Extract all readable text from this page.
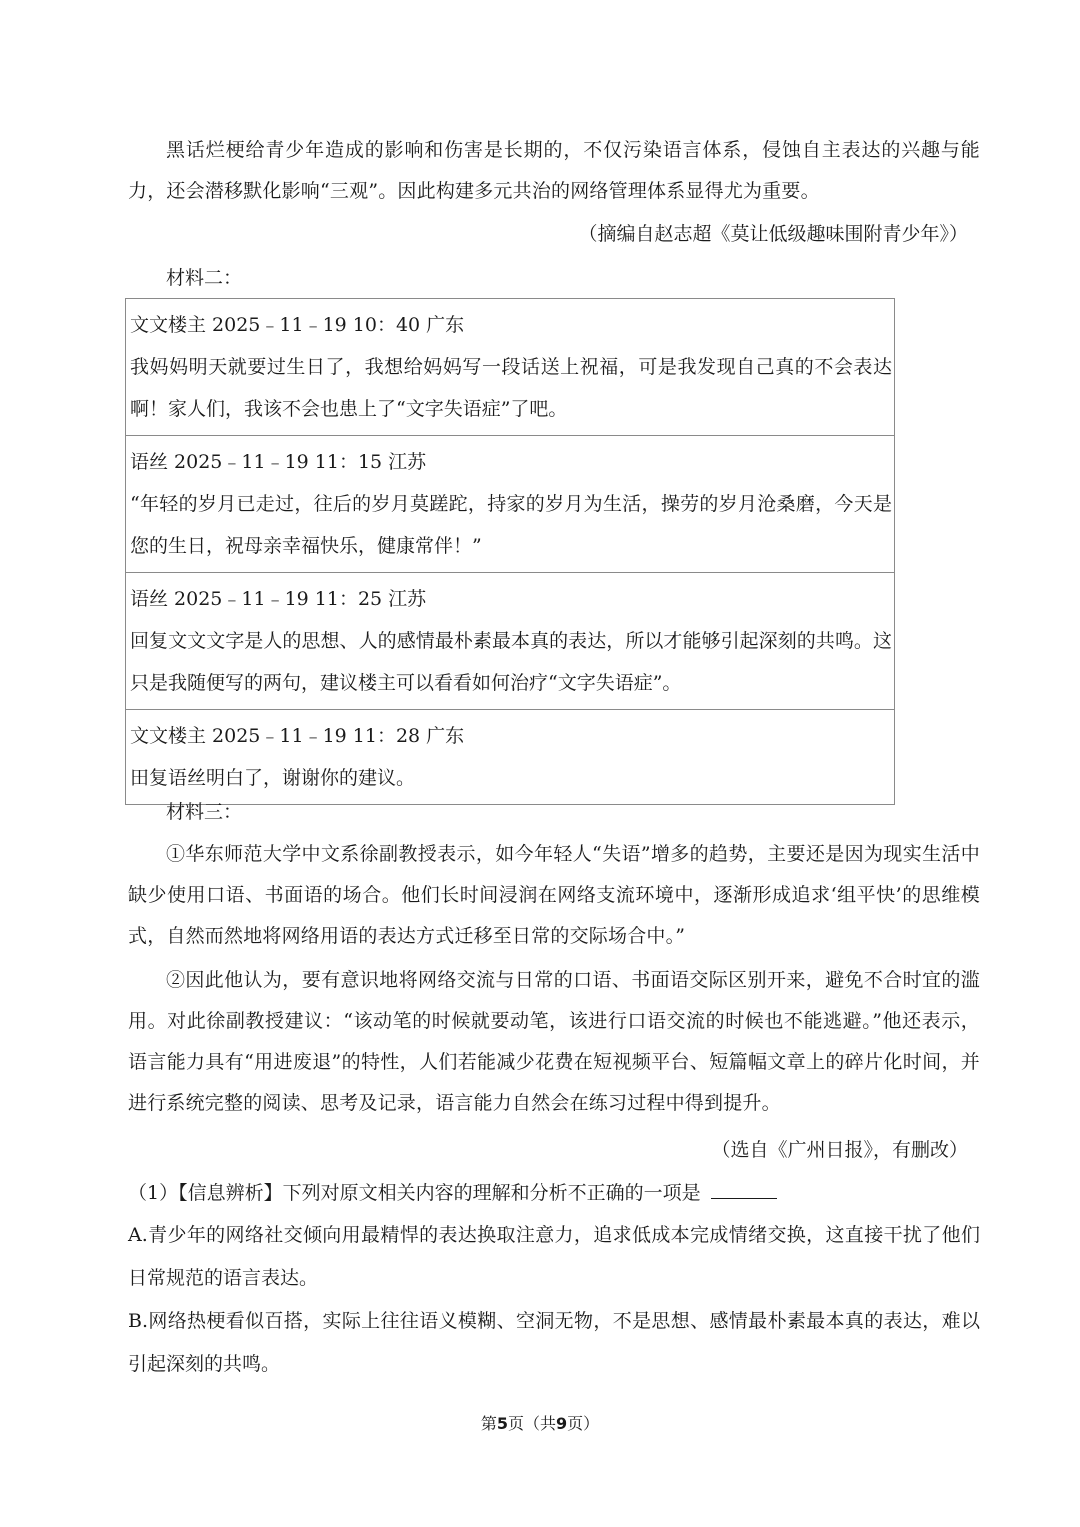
黑话烂梗给青少年造成的影响和伤害是长期的，不仅污染语言体系，侵蚀自主表达的兴趣与能力，还会潜移默化影响“三观”。因此构建多元共治的网络管理体系显得尤为重要。

（摘编自赵志超《莫让低级趣味围附青少年》）

材料二：

文文楼主 2025﹣11﹣19 10：40 广东
我妈妈明天就要过生日了，我想给妈妈写一段话送上祝福，可是我发现自己真的不会表达啊！家人们，我该不会也患上了“文字失语症”了吧。
语丝 2025﹣11﹣19 11：15 江苏
“年轻的岁月已走过，往后的岁月莫蹉跎，持家的岁月为生活，操劳的岁月沧桑磨，今天是您的生日，祝母亲幸福快乐，健康常伴！”
语丝 2025﹣11﹣19 11：25 江苏
回复文文文字是人的思想、人的感情最朴素最本真的表达，所以才能够引起深刻的共鸣。这只是我随便写的两句，建议楼主可以看看如何治疗“文字失语症”。
文文楼主 2025﹣11﹣19 11：28 广东
田复语丝明白了，谢谢你的建议。

材料三：

①华东师范大学中文系徐副教授表示，如今年轻人“失语”增多的趋势，主要还是因为现实生活中缺少使用口语、书面语的场合。他们长时间浸润在网络支流环境中，逐渐形成追求‘组平快’的思维模式，自然而然地将网络用语的表达方式迁移至日常的交际场合中。”

②因此他认为，要有意识地将网络交流与日常的口语、书面语交际区别开来，避免不合时宜的滥用。对此徐副教授建议：“该动笔的时候就要动笔，该进行口语交流的时候也不能逃避。”他还表示，语言能力具有“用进废退”的特性，人们若能减少花费在短视频平台、短篇幅文章上的碎片化时间，并进行系统完整的阅读、思考及记录，语言能力自然会在练习过程中得到提升。

（选自《广州日报》，有删改）

（1）【信息辨析】下列对原文相关内容的理解和分析不正确的一项是

A.青少年的网络社交倾向用最精悍的表达换取注意力，追求低成本完成情绪交换，这直接干扰了他们日常规范的语言表达。

B.网络热梗看似百搭，实际上往往语义模糊、空洞无物，不是思想、感情最朴素最本真的表达，难以引起深刻的共鸣。

第5页（共9页）
